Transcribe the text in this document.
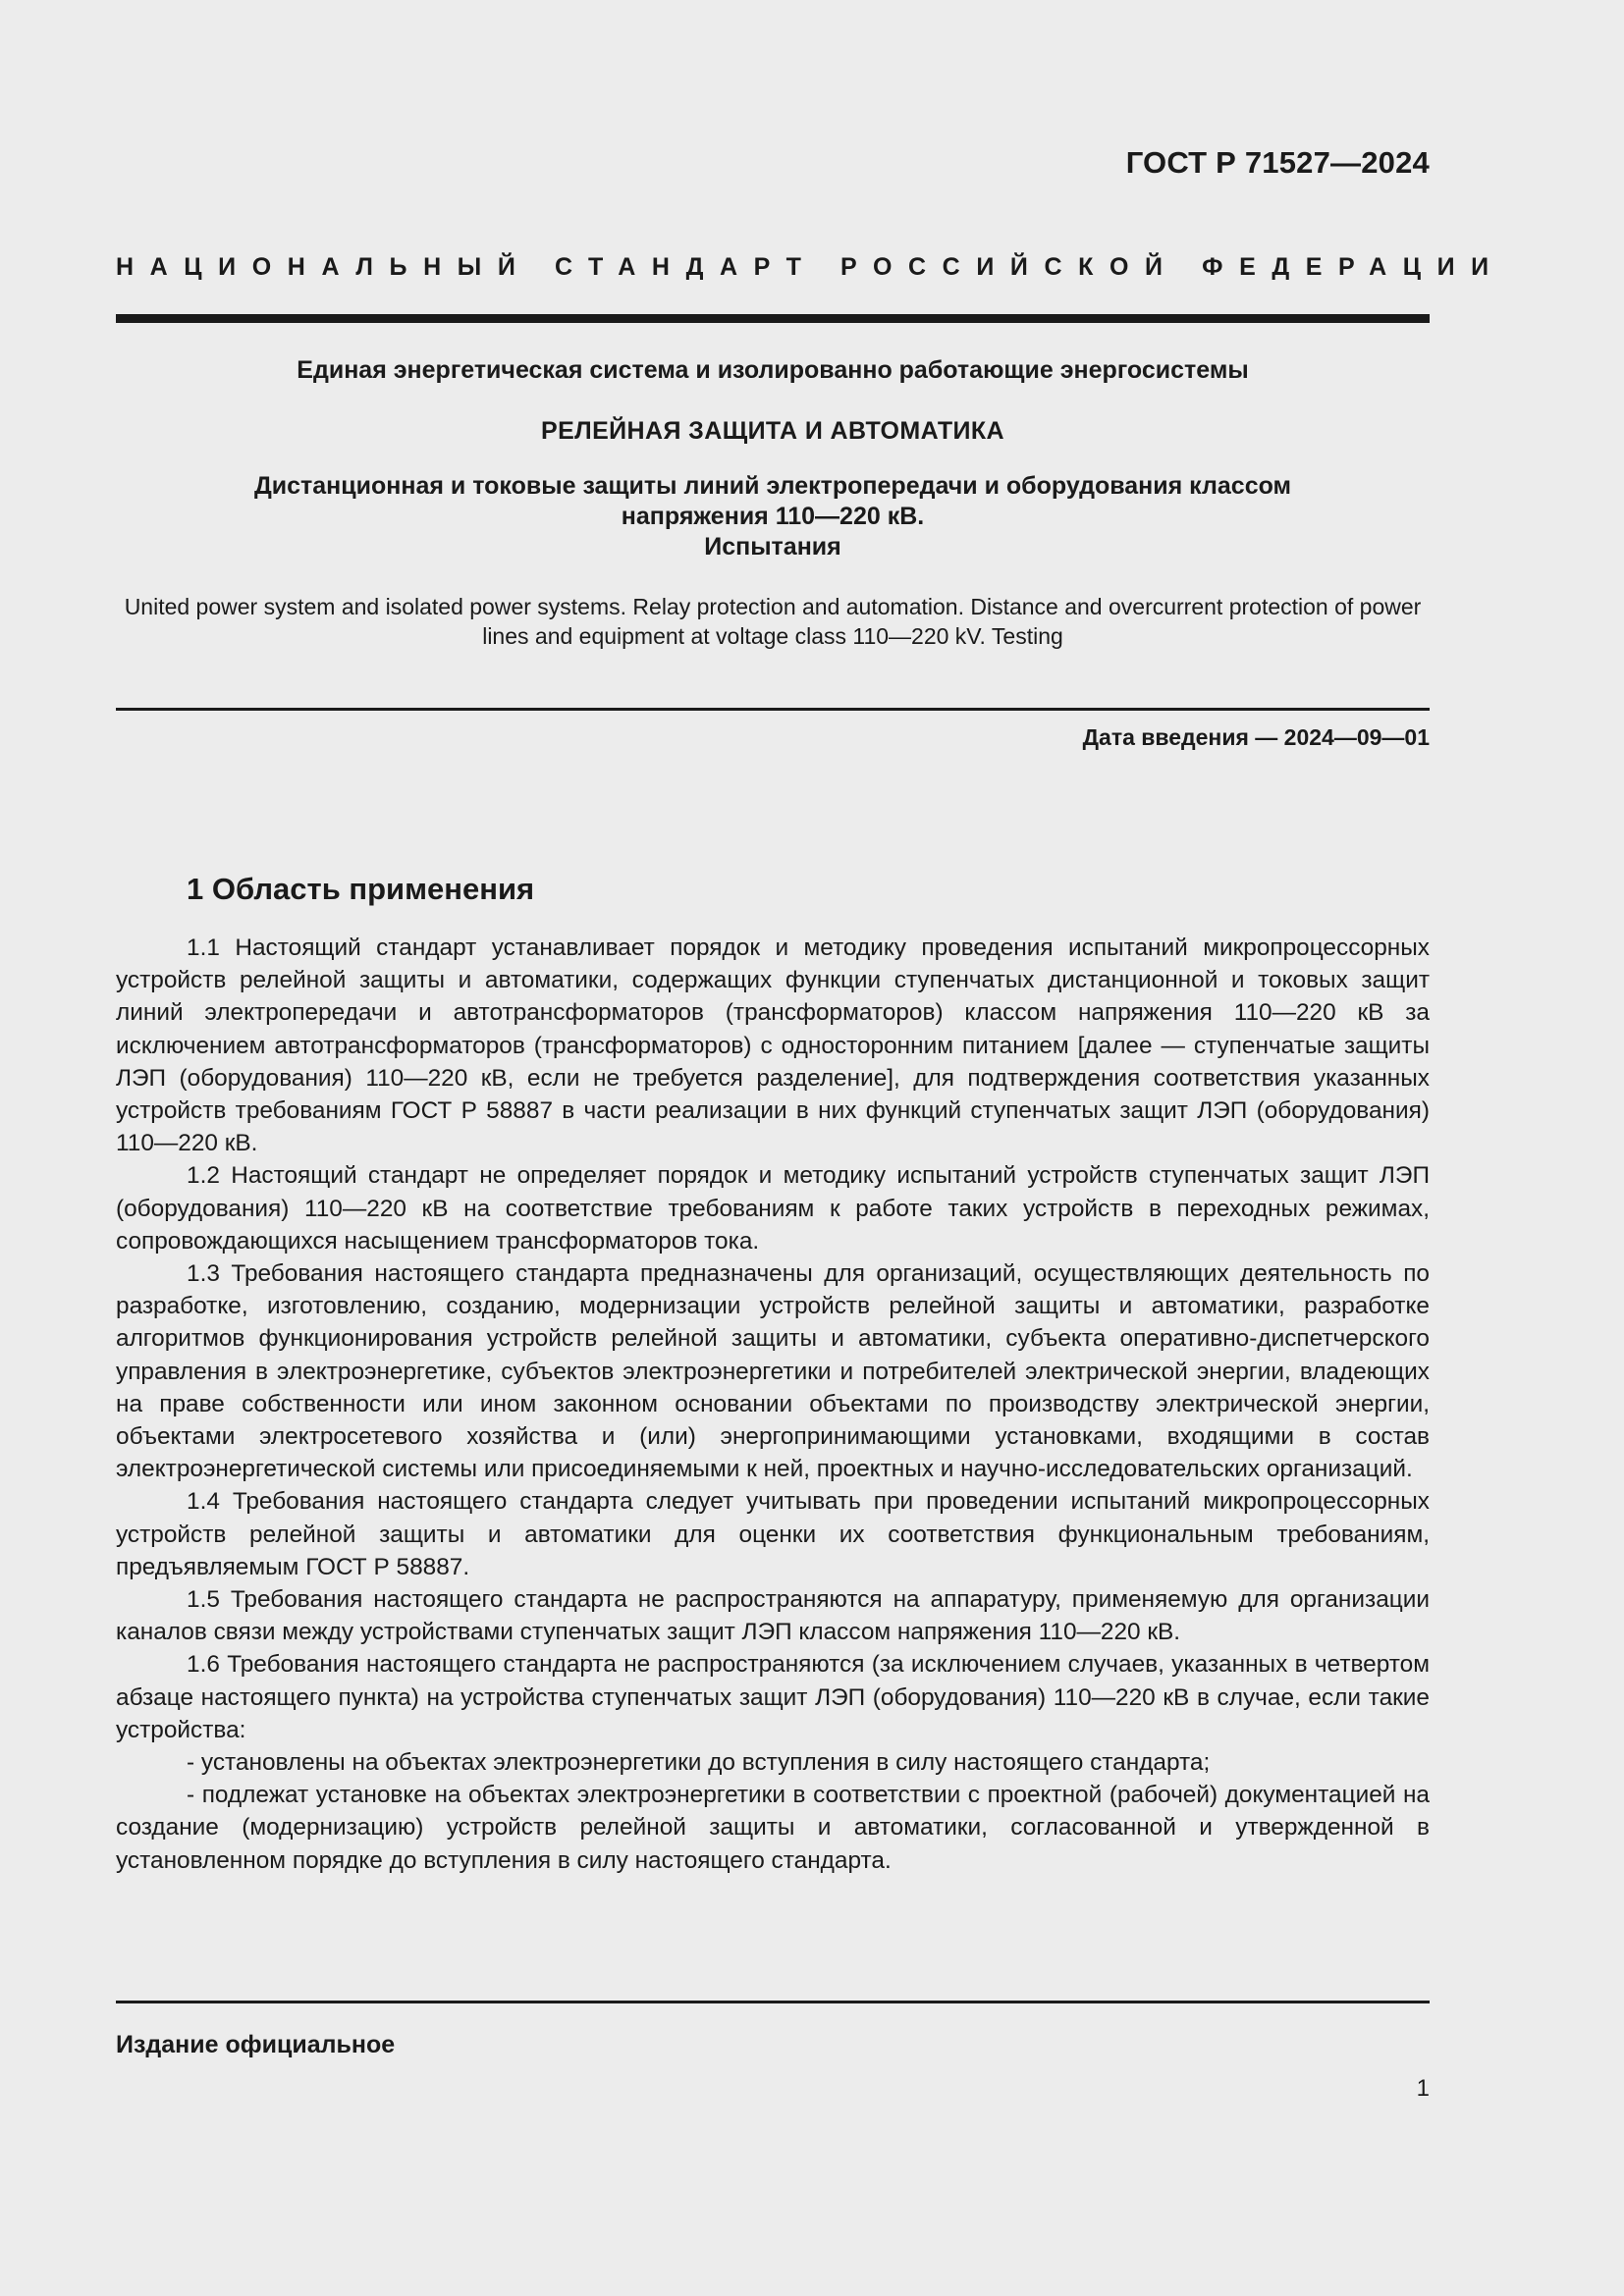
ГОСТ Р 71527—2024
НАЦИОНАЛЬНЫЙ СТАНДАРТ РОССИЙСКОЙ ФЕДЕРАЦИИ
Единая энергетическая система и изолированно работающие энергосистемы
РЕЛЕЙНАЯ ЗАЩИТА И АВТОМАТИКА
Дистанционная и токовые защиты линий электропередачи и оборудования классом
напряжения 110—220 кВ.
Испытания
United power system and isolated power systems. Relay protection and automation. Distance and overcurrent protection of power lines and equipment at voltage class 110—220 kV. Testing
Дата введения — 2024—09—01
1 Область применения

1.1 Настоящий стандарт устанавливает порядок и методику проведения испытаний микропроцессорных устройств релейной защиты и автоматики, содержащих функции ступенчатых дистанционной и токовых защит линий электропередачи и автотрансформаторов (трансформаторов) классом напряжения 110—220 кВ за исключением автотрансформаторов (трансформаторов) с односторонним питанием [далее — ступенчатые защиты ЛЭП (оборудования) 110—220 кВ, если не требуется разделение], для подтверждения соответствия указанных устройств требованиям ГОСТ Р 58887 в части реализации в них функций ступенчатых защит ЛЭП (оборудования) 110—220 кВ.

1.2 Настоящий стандарт не определяет порядок и методику испытаний устройств ступенчатых защит ЛЭП (оборудования) 110—220 кВ на соответствие требованиям к работе таких устройств в переходных режимах, сопровождающихся насыщением трансформаторов тока.

1.3 Требования настоящего стандарта предназначены для организаций, осуществляющих деятельность по разработке, изготовлению, созданию, модернизации устройств релейной защиты и автоматики, разработке алгоритмов функционирования устройств релейной защиты и автоматики, субъекта оперативно-диспетчерского управления в электроэнергетике, субъектов электроэнергетики и потребителей электрической энергии, владеющих на праве собственности или ином законном основании объектами по производству электрической энергии, объектами электросетевого хозяйства и (или) энергопринимающими установками, входящими в состав электроэнергетической системы или присоединяемыми к ней, проектных и научно-исследовательских организаций.

1.4 Требования настоящего стандарта следует учитывать при проведении испытаний микропроцессорных устройств релейной защиты и автоматики для оценки их соответствия функциональным требованиям, предъявляемым ГОСТ Р 58887.

1.5 Требования настоящего стандарта не распространяются на аппаратуру, применяемую для организации каналов связи между устройствами ступенчатых защит ЛЭП классом напряжения 110—220 кВ.

1.6 Требования настоящего стандарта не распространяются (за исключением случаев, указанных в четвертом абзаце настоящего пункта) на устройства ступенчатых защит ЛЭП (оборудования) 110—220 кВ в случае, если такие устройства:

- установлены на объектах электроэнергетики до вступления в силу настоящего стандарта;

- подлежат установке на объектах электроэнергетики в соответствии с проектной (рабочей) документацией на создание (модернизацию) устройств релейной защиты и автоматики, согласованной и утвержденной в установленном порядке до вступления в силу настоящего стандарта.

Издание официальное
1
